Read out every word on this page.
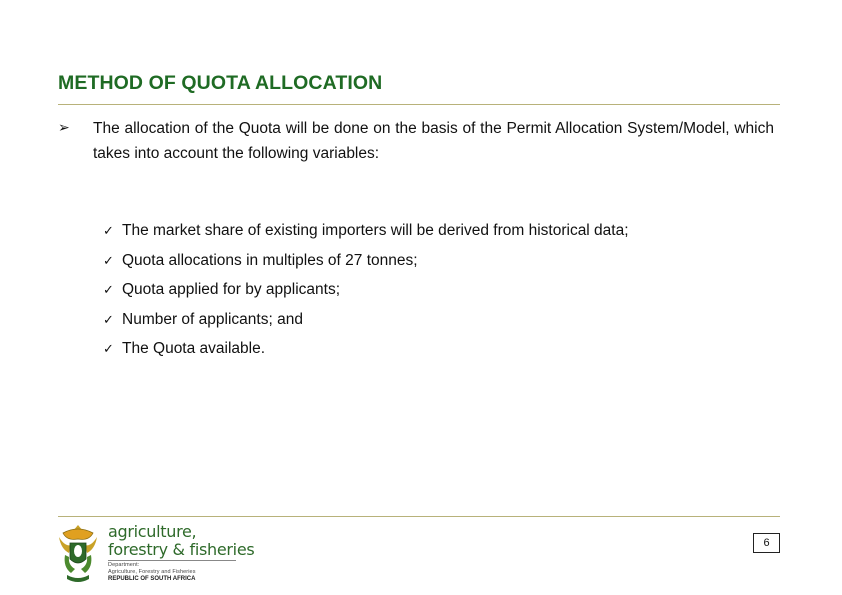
METHOD OF QUOTA ALLOCATION
➢ The allocation of the Quota will be done on the basis of the Permit Allocation System/Model, which takes into account the following variables:
✓ The market share of existing importers will be derived from historical data;
✓ Quota allocations in multiples of 27 tonnes;
✓ Quota applied for by applicants;
✓ Number of applicants; and
✓ The Quota available.
agriculture,
forestry & fisheries
Department:
Agriculture, Forestry and Fisheries
REPUBLIC OF SOUTH AFRICA
6
